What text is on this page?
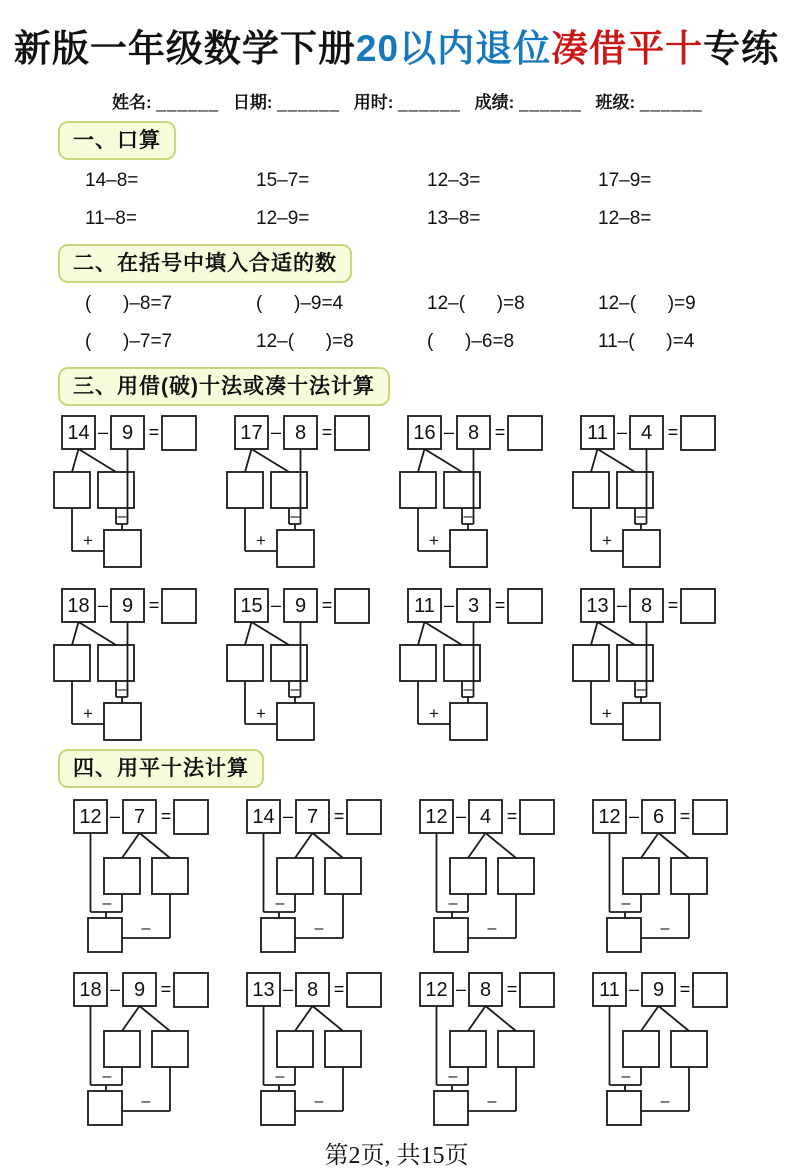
新版一年级数学下册20以内退位凑借平十专练
姓名: ______ 日期: ______ 用时: ______ 成绩: ______ 班级: ______
一、口算
14–8=	15–7=	12–3=	17–9=
11–8=	12–9=	13–8=	12–8=
二、在括号中填入合适的数
(      )–8=7	(      )–9=4	12–(      )=8	12–(      )=9
(      )–7=7	12–(      )=8	(      )–6=8	11–(      )=4
三、用借(破)十法或凑十法计算
14 – 9 =
–
+
17 – 8 =
–
+
16 – 8 =
–
+
11 – 4 =
–
+
18 – 9 =
–
+
15 – 9 =
–
+
11 – 3 =
–
+
13 – 8 =
–
+
四、用平十法计算
12 – 7 =
–
–
14 – 7 =
–
–
12 – 4 =
–
–
12 – 6 =
–
–
18 – 9 =
–
–
13 – 8 =
–
–
12 – 8 =
–
–
11 – 9 =
–
–
第2页, 共15页
